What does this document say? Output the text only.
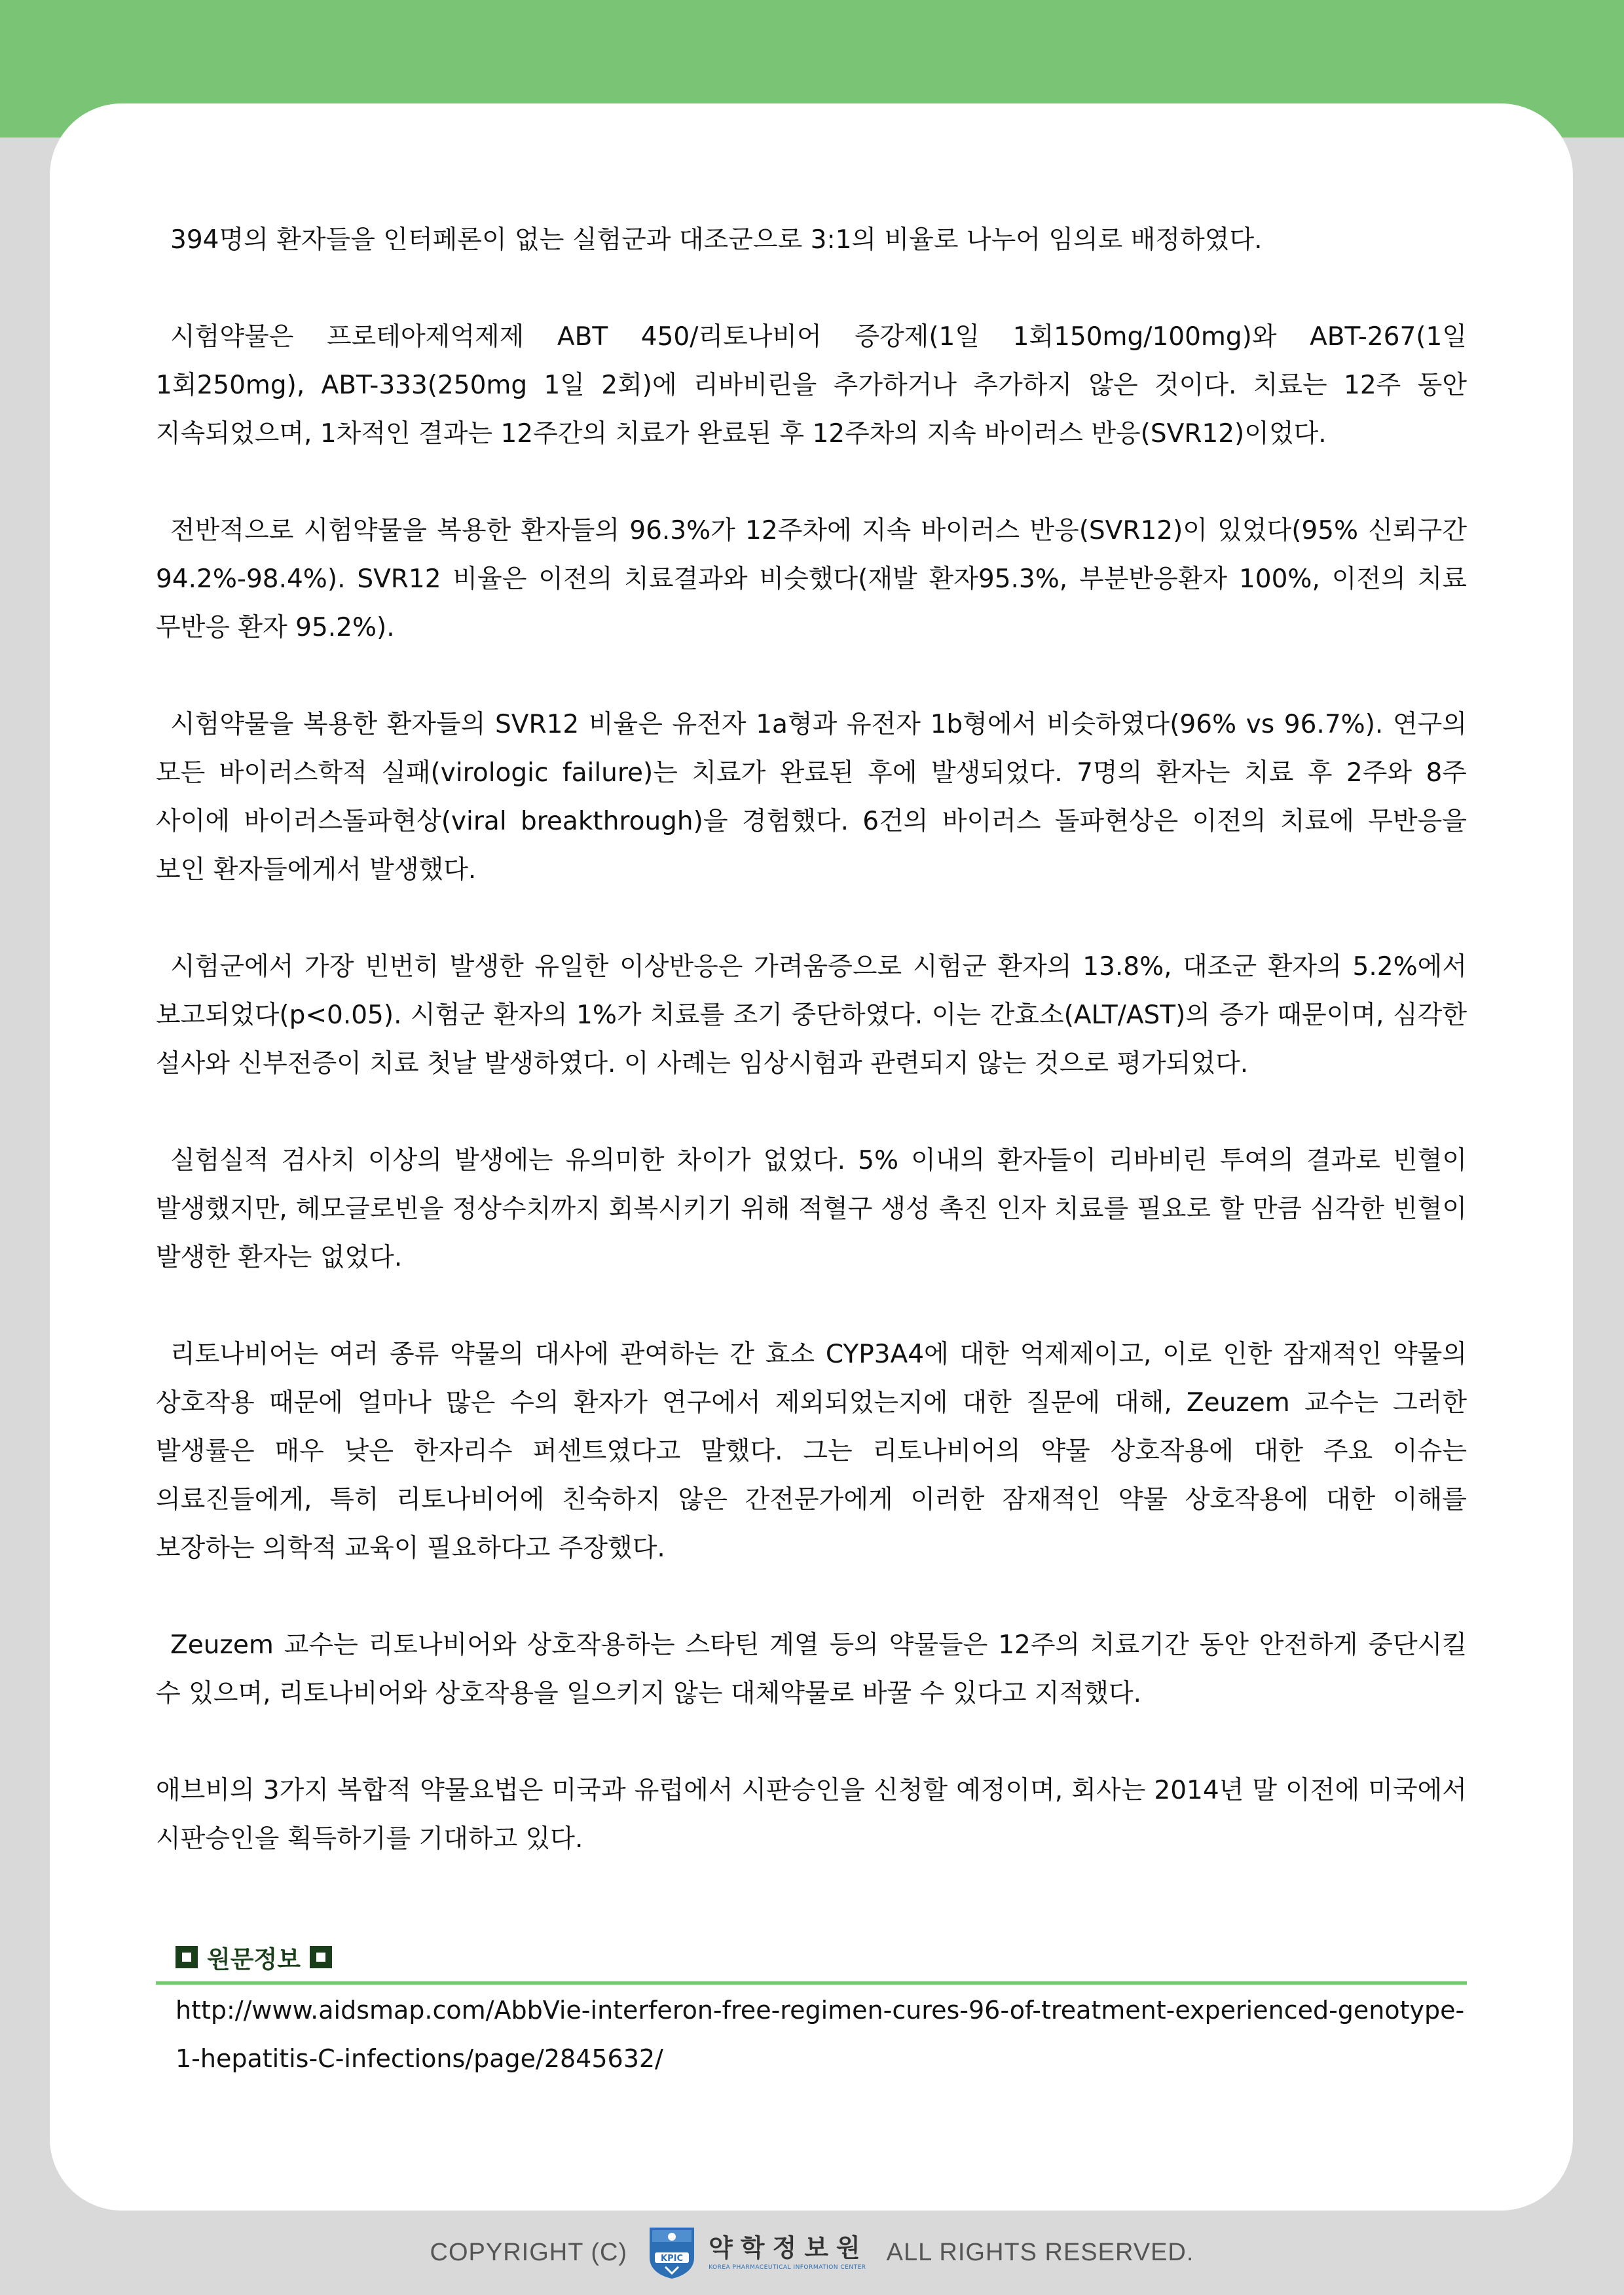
394명의 환자들을 인터페론이 없는 실험군과 대조군으로 3:1의 비율로 나누어 임의로 배정하였다.

시험약물은 프로테아제억제제 ABT 450/리토나비어 증강제(1일 1회150mg/100mg)와 ABT-267(1일 1회250mg), ABT-333(250mg 1일 2회)에 리바비린을 추가하거나 추가하지 않은 것이다. 치료는 12주 동안 지속되었으며, 1차적인 결과는 12주간의 치료가 완료된 후 12주차의 지속 바이러스 반응(SVR12)이었다.

전반적으로 시험약물을 복용한 환자들의 96.3%가 12주차에 지속 바이러스 반응(SVR12)이 있었다(95% 신뢰구간 94.2%-98.4%). SVR12 비율은 이전의 치료결과와 비슷했다(재발 환자95.3%, 부분반응환자 100%, 이전의 치료 무반응 환자 95.2%).

시험약물을 복용한 환자들의 SVR12 비율은 유전자 1a형과 유전자 1b형에서 비슷하였다(96% vs 96.7%). 연구의 모든 바이러스학적 실패(virologic failure)는 치료가 완료된 후에 발생되었다. 7명의 환자는 치료 후 2주와 8주 사이에 바이러스돌파현상(viral breakthrough)을 경험했다. 6건의 바이러스 돌파현상은 이전의 치료에 무반응을 보인 환자들에게서 발생했다.

시험군에서 가장 빈번히 발생한 유일한 이상반응은 가려움증으로 시험군 환자의 13.8%, 대조군 환자의 5.2%에서 보고되었다(p<0.05). 시험군 환자의 1%가 치료를 조기 중단하였다. 이는 간효소(ALT/AST)의 증가 때문이며, 심각한 설사와 신부전증이 치료 첫날 발생하였다. 이 사례는 임상시험과 관련되지 않는 것으로 평가되었다.

실험실적 검사치 이상의 발생에는 유의미한 차이가 없었다. 5% 이내의 환자들이 리바비린 투여의 결과로 빈혈이 발생했지만, 헤모글로빈을 정상수치까지 회복시키기 위해 적혈구 생성 촉진 인자 치료를 필요로 할 만큼 심각한 빈혈이 발생한 환자는 없었다.

리토나비어는 여러 종류 약물의 대사에 관여하는 간 효소 CYP3A4에 대한 억제제이고, 이로 인한 잠재적인 약물의 상호작용 때문에 얼마나 많은 수의 환자가 연구에서 제외되었는지에 대한 질문에 대해, Zeuzem 교수는 그러한 발생률은 매우 낮은 한자리수 퍼센트였다고 말했다. 그는 리토나비어의 약물 상호작용에 대한 주요 이슈는 의료진들에게, 특히 리토나비어에 친숙하지 않은 간전문가에게 이러한 잠재적인 약물 상호작용에 대한 이해를 보장하는 의학적 교육이 필요하다고 주장했다.

Zeuzem 교수는 리토나비어와 상호작용하는 스타틴 계열 등의 약물들은 12주의 치료기간 동안 안전하게 중단시킬 수 있으며, 리토나비어와 상호작용을 일으키지 않는 대체약물로 바꿀 수 있다고 지적했다.

애브비의 3가지 복합적 약물요법은 미국과 유럽에서 시판승인을 신청할 예정이며, 회사는 2014년 말 이전에 미국에서 시판승인을 획득하기를 기대하고 있다.

원문정보
http://www.aidsmap.com/AbbVie-interferon-free-regimen-cures-96-of-treatment-experienced-genotype-1-hepatitis-C-infections/page/2845632/
COPYRIGHT (C)	KPIC 약학정보원
KOREA PHARMACEUTICAL INFORMATION CENTER
ALL RIGHTS RESERVED.
